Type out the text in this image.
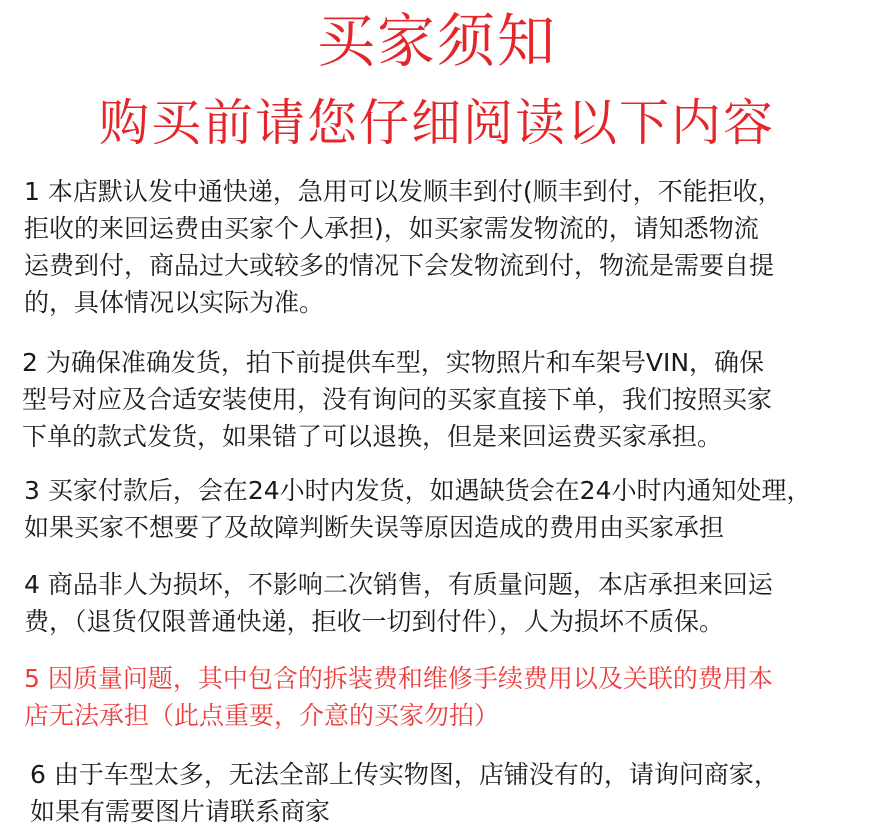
买家须知
购买前请您仔细阅读以下内容

1 本店默认发中通快递，急用可以发顺丰到付(顺丰到付，不能拒收，
拒收的来回运费由买家个人承担)，如买家需发物流的，请知悉物流
运费到付，商品过大或较多的情况下会发物流到付，物流是需要自提
的，具体情况以实际为准。

2 为确保准确发货，拍下前提供车型，实物照片和车架号VIN，确保
型号对应及合适安装使用，没有询问的买家直接下单，我们按照买家
下单的款式发货，如果错了可以退换，但是来回运费买家承担。

3 买家付款后，会在24小时内发货，如遇缺货会在24小时内通知处理，
如果买家不想要了及故障判断失误等原因造成的费用由买家承担

4 商品非人为损坏，不影响二次销售，有质量问题，本店承担来回运
费，（退货仅限普通快递，拒收一切到付件），人为损坏不质保。

5 因质量问题，其中包含的拆装费和维修手续费用以及关联的费用本
店无法承担（此点重要，介意的买家勿拍）

6 由于车型太多，无法全部上传实物图，店铺没有的，请询问商家，
如果有需要图片请联系商家
